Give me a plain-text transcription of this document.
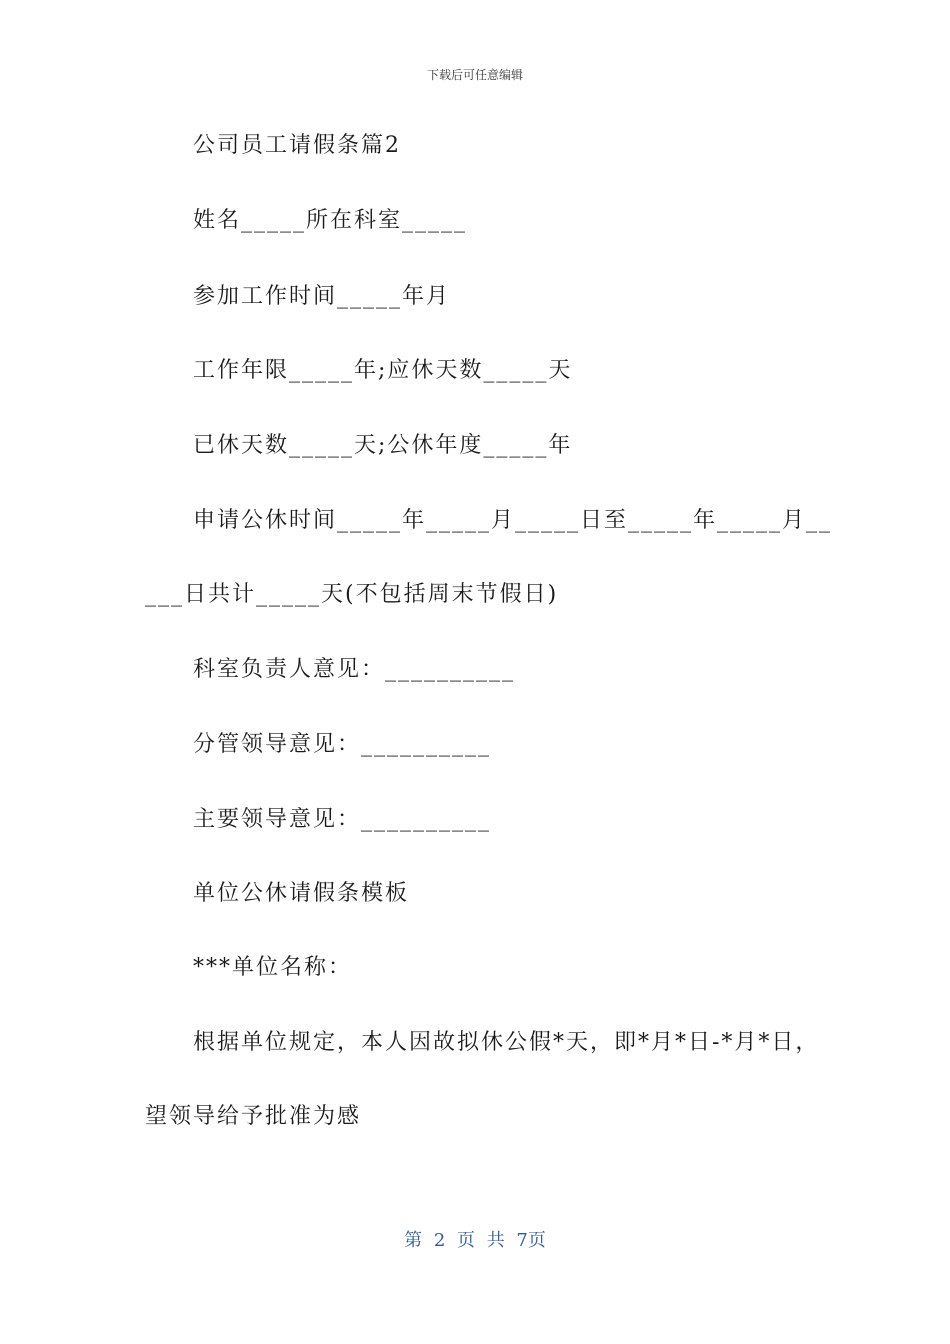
下载后可任意编辑
公司员工请假条篇2
姓名_____所在科室_____
参加工作时间_____年月
工作年限_____年;应休天数_____天
已休天数_____天;公休年度_____年
申请公休时间_____年_____月_____日至_____年_____月__
___日共计_____天(不包括周末节假日)
科室负责人意见：__________
分管领导意见：__________
主要领导意见：__________
单位公休请假条模板
***单位名称：
根据单位规定，本人因故拟休公假*天，即*月*日-*月*日，
望领导给予批准为感
第 2 页 共 7页
